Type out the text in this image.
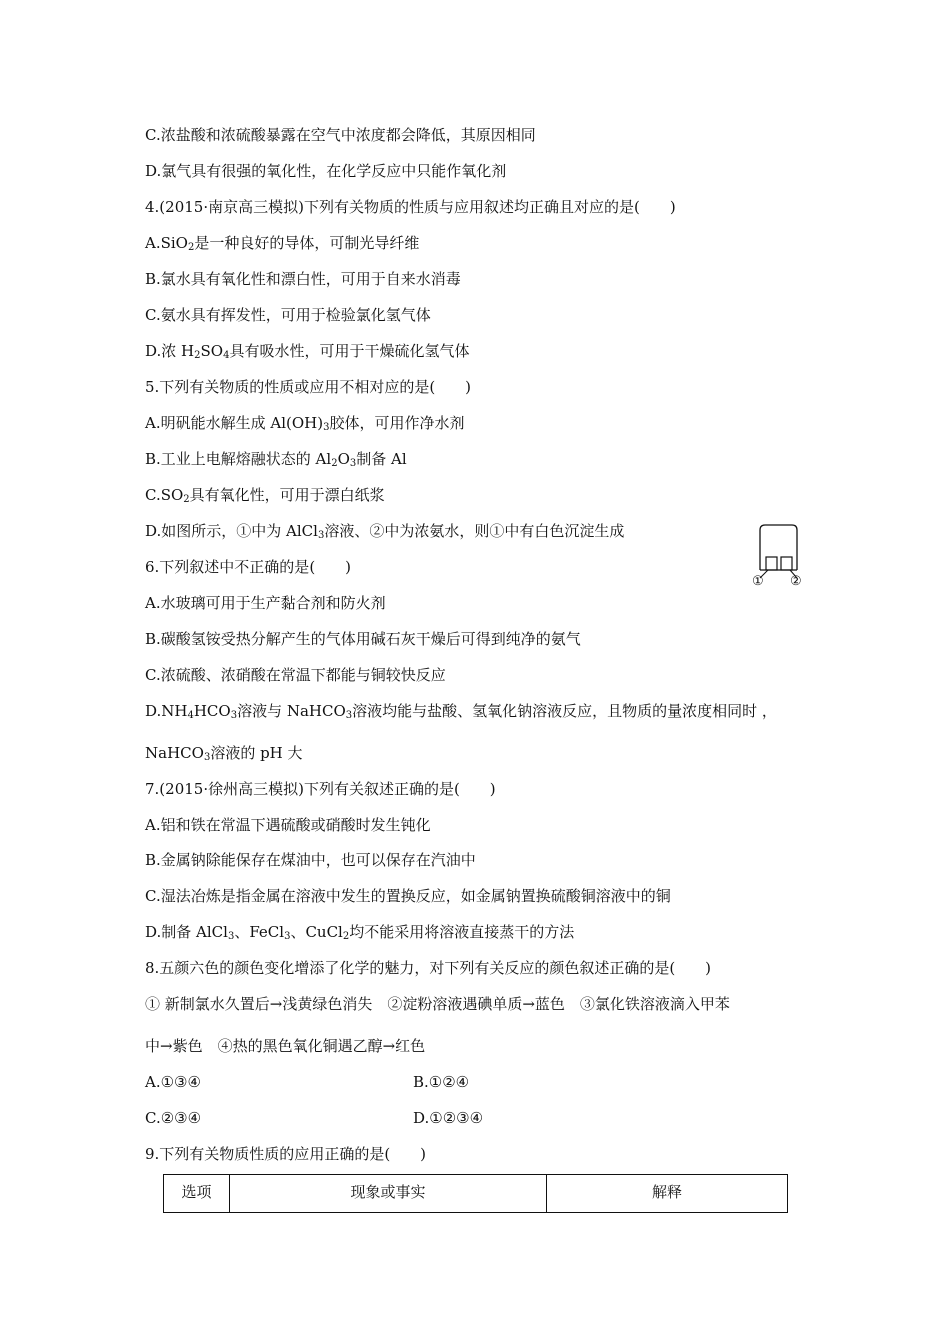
C.浓盐酸和浓硫酸暴露在空气中浓度都会降低，其原因相同
D.氯气具有很强的氧化性，在化学反应中只能作氧化剂
4.(2015·南京高三模拟)下列有关物质的性质与应用叙述均正确且对应的是(　　)
A.SiO$_2$是一种良好的导体，可制光导纤维
B.氯水具有氧化性和漂白性，可用于自来水消毒
C.氨水具有挥发性，可用于检验氯化氢气体
D.浓 $H_2SO_4$具有吸水性，可用于干燥硫化氢气体
5.下列有关物质的性质或应用不相对应的是(　　)
A.明矾能水解生成 $Al(OH)_3$胶体，可用作净水剂
B.工业上电解熔融状态的 $Al_2O_3$制备 Al
$C.SO_2$具有氧化性，可用于漂白纸浆
D.如图所示，①中为 AlCl$_3$溶液、②中为浓氨水，则①中有白色沉淀生成
6.下列叙述中不正确的是(　　)
A.水玻璃可用于生产黏合剂和防火剂
B.碳酸氢铵受热分解产生的气体用碱石灰干燥后可得到纯净的氨气
C.浓硫酸、浓硝酸在常温下都能与铜较快反应
$D.NH_4HCO_3$溶液与 NaHCO$_3$溶液均能与盐酸、氢氧化钠溶液反应，且物质的量浓度相同时 ，
NaHCO$_3$溶液的 pH 大
7.(2015·徐州高三模拟)下列有关叙述正确的是(　　)
A.铝和铁在常温下遇硫酸或硝酸时发生钝化
B.金属钠除能保存在煤油中，也可以保存在汽油中
C.湿法冶炼是指金属在溶液中发生的置换反应，如金属钠置换硫酸铜溶液中的铜
D.制备 AlCl$_3$、FeCl$_3$、CuCl$_2$均不能采用将溶液直接蒸干的方法
8.五颜六色的颜色变化增添了化学的魅力，对下列有关反应的颜色叙述正确的是(　　)
① 新制氯水久置后→浅黄绿色消失　②淀粉溶液遇碘单质→蓝色　③氯化铁溶液滴入甲苯
中→紫色　④热的黑色氧化铜遇乙醇→红色
A.①③④	B.①②④
C.②③④	D.①②③④
9.下列有关物质性质的应用正确的是(　　)
① ②
选项	现象或事实	解释
